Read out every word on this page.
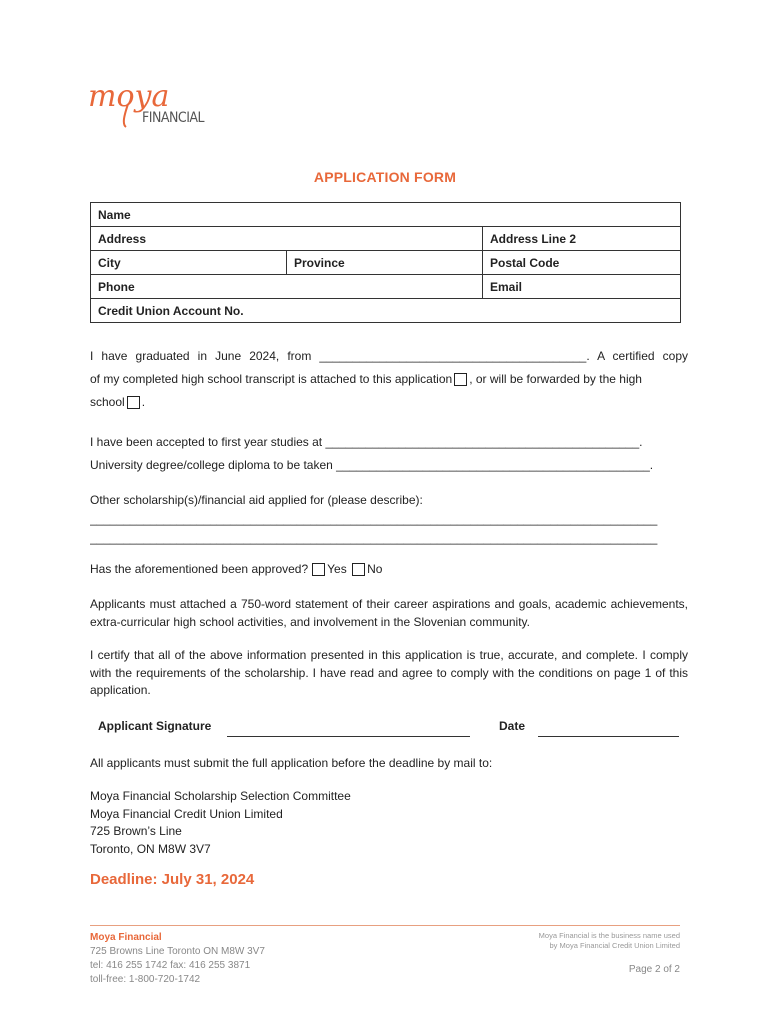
moya
FINANCIAL
APPLICATION FORM
Name		
Address		Address Line 2
City	Province	Postal Code
Phone		Email
Credit Union Account No.		
I have graduated in June 2024, from ________________________________________. A certified copy
of my completed high school transcript is attached to this application , or will be forwarded by the high
school .
I have been accepted to first year studies at _______________________________________________.
University degree/college diploma to be taken _______________________________________________.
Other scholarship(s)/financial aid applied for (please describe):
_____________________________________________________________________________________
_____________________________________________________________________________________
Has the aforementioned been approved? Yes No
Applicants must attached a 750-word statement of their career aspirations and goals, academic achievements, extra-curricular high school activities, and involvement in the Slovenian community.
I certify that all of the above information presented in this application is true, accurate, and complete. I comply with the requirements of the scholarship. I have read and agree to comply with the conditions on page 1 of this application.
Applicant Signature	Date
All applicants must submit the full application before the deadline by mail to:
Moya Financial Scholarship Selection Committee
Moya Financial Credit Union Limited
725 Brown’s Line
Toronto, ON M8W 3V7
Deadline: July 31, 2024
Moya Financial
725 Browns Line Toronto ON M8W 3V7
tel: 416 255 1742 fax: 416 255 3871
toll-free: 1-800-720-1742
Moya Financial is the business name used
by Moya Financial Credit Union Limited
Page 2 of 2
